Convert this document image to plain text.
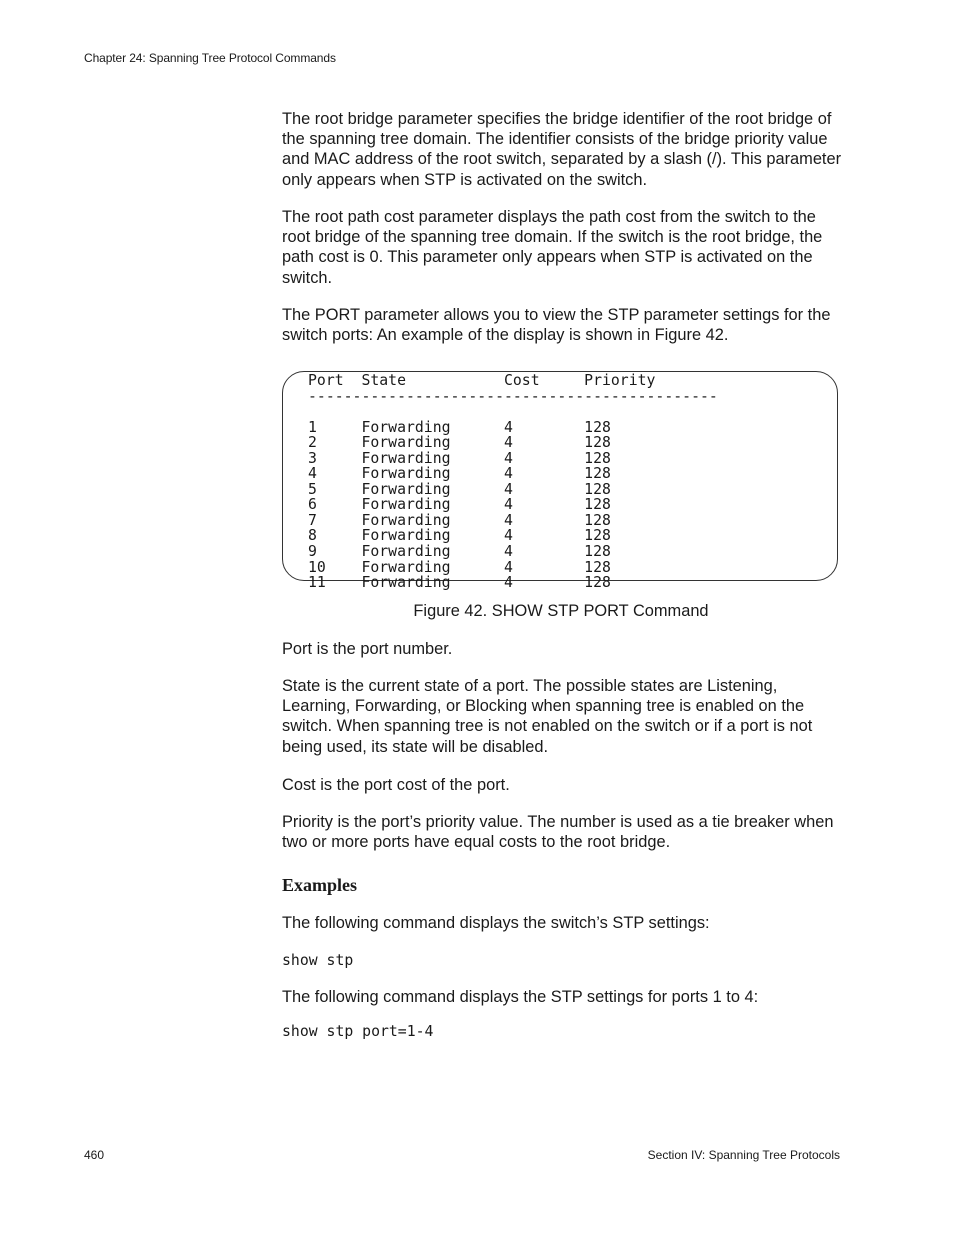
Chapter 24: Spanning Tree Protocol Commands

The root bridge parameter specifies the bridge identifier of the root bridge of the spanning tree domain. The identifier consists of the bridge priority value and MAC address of the root switch, separated by a slash (/). This parameter only appears when STP is activated on the switch.

The root path cost parameter displays the path cost from the switch to the root bridge of the spanning tree domain. If the switch is the root bridge, the path cost is 0. This parameter only appears when STP is activated on the switch.

The PORT parameter allows you to view the STP parameter settings for the switch ports: An example of the display is shown in Figure 42.

Port  State           Cost     Priority
----------------------------------------------

1     Forwarding      4        128
2     Forwarding      4        128
3     Forwarding      4        128
4     Forwarding      4        128
5     Forwarding      4        128
6     Forwarding      4        128
7     Forwarding      4        128
8     Forwarding      4        128
9     Forwarding      4        128
10    Forwarding      4        128
11    Forwarding      4        128
Figure 42. SHOW STP PORT Command

Port is the port number.

State is the current state of a port. The possible states are Listening, Learning, Forwarding, or Blocking when spanning tree is enabled on the switch. When spanning tree is not enabled on the switch or if a port is not being used, its state will be disabled.

Cost is the port cost of the port.

Priority is the port’s priority value. The number is used as a tie breaker when two or more ports have equal costs to the root bridge.

Examples

The following command displays the switch’s STP settings:

show stp

The following command displays the STP settings for ports 1 to 4:

show stp port=1-4
460	Section IV: Spanning Tree Protocols
